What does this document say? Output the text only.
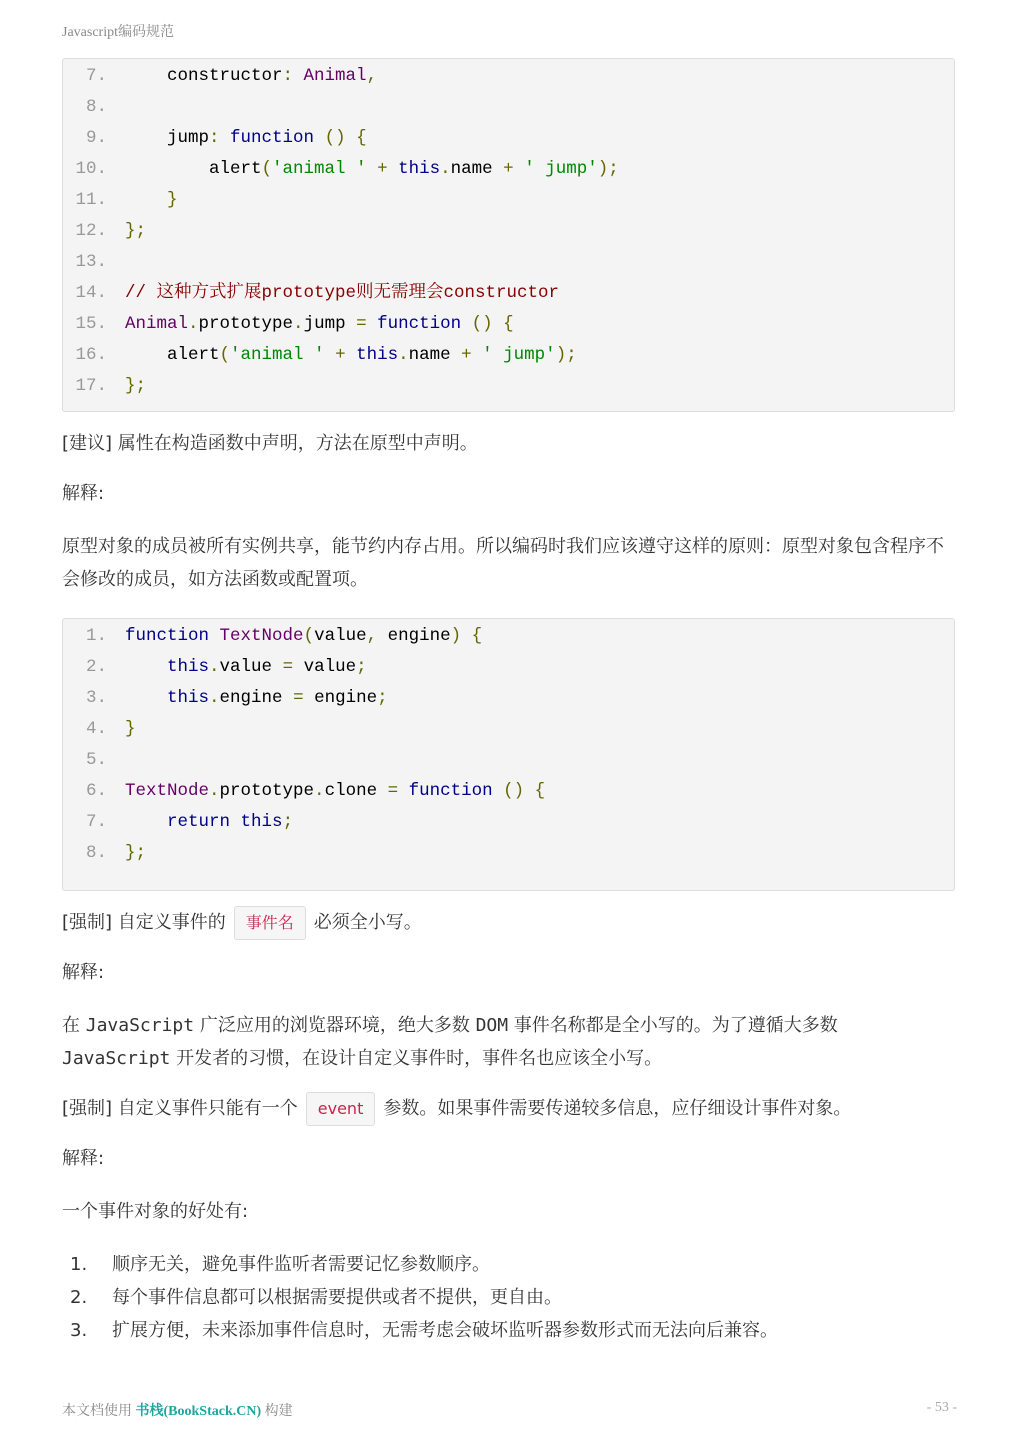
Javascript编码规范
7. constructor: Animal,
8.
9. jump: function () {
10. alert('animal ' + this.name + ' jump');
11.	}
12. };
13.
14. // 这种方式扩展prototype则无需理会constructor
15. Animal.prototype.jump = function () {
16. alert('animal ' + this.name + ' jump');
17. };
[建议] 属性在构造函数中声明，方法在原型中声明。
解释:
原型对象的成员被所有实例共享，能节约内存占用。所以编码时我们应该遵守这样的原则：原型对象包含程序不会修改的成员，如方法函数或配置项。
1. function TextNode(value, engine) {
2.	this.value = value;
3.	this.engine = engine;
4. }
5.
6. TextNode.prototype.clone = function () {
7.	return this;
8. };
[强制] 自定义事件的 事件名 必须全小写。
解释:
在 JavaScript 广泛应用的浏览器环境，绝大多数 DOM 事件名称都是全小写的。为了遵循大多数
JavaScript 开发者的习惯，在设计自定义事件时，事件名也应该全小写。
[强制] 自定义事件只能有一个 event 参数。如果事件需要传递较多信息，应仔细设计事件对象。
解释:
一个事件对象的好处有:
1. 顺序无关，避免事件监听者需要记忆参数顺序。
2. 每个事件信息都可以根据需要提供或者不提供，更自由。
3. 扩展方便，未来添加事件信息时，无需考虑会破坏监听器参数形式而无法向后兼容。
本文档使用 书栈(BookStack.CN) 构建	- 53 -
